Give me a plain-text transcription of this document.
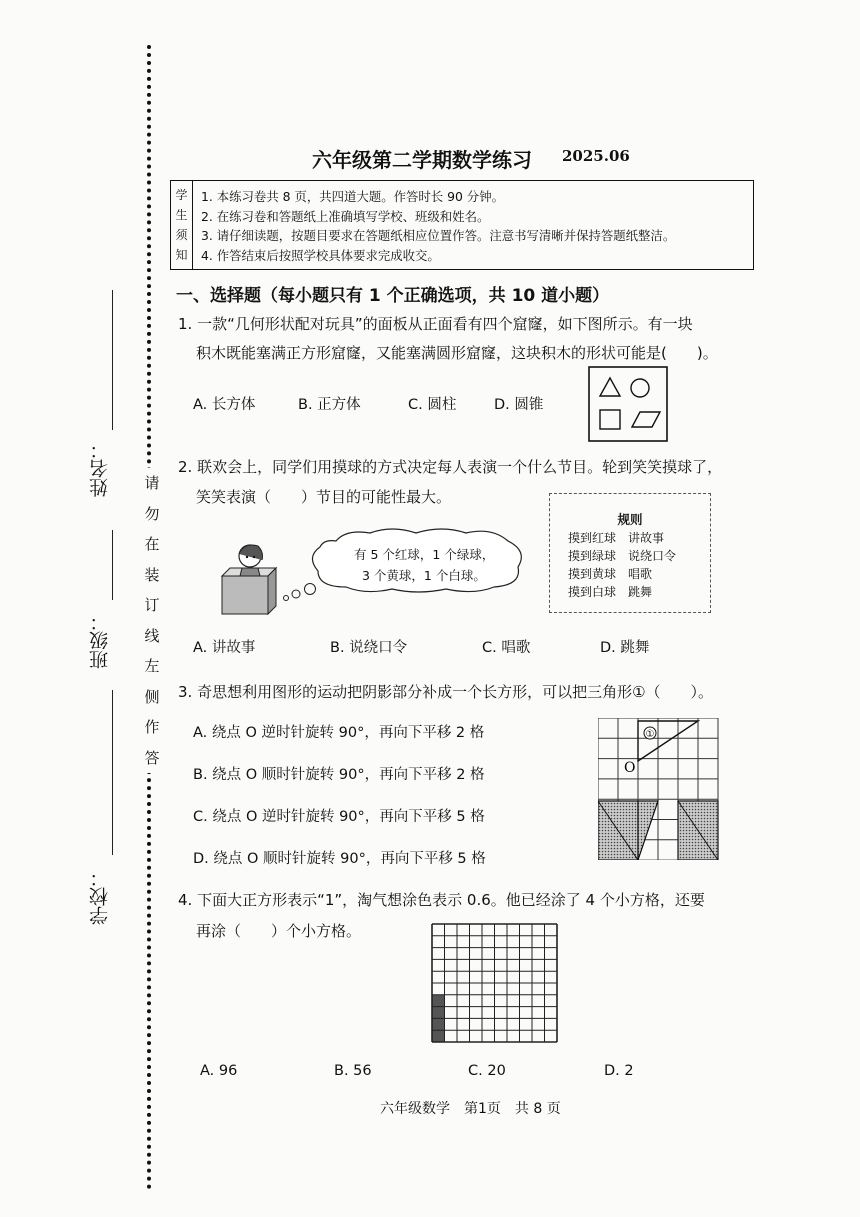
姓名：
班级：
学校：
请
勿
在
装
订
线
左
侧
作
答
六年级第二学期数学练习 2025.06
学
生
须
知
1. 本练习卷共 8 页，共四道大题。作答时长 90 分钟。
2. 在练习卷和答题纸上准确填写学校、班级和姓名。
3. 请仔细读题，按题目要求在答题纸相应位置作答。注意书写清晰并保持答题纸整洁。
4. 作答结束后按照学校具体要求完成收交。
一、选择题（每小题只有 1 个正确选项，共 10 道小题）
1. 一款“几何形状配对玩具”的面板从正面看有四个窟窿，如下图所示。有一块
积木既能塞满正方形窟窿，又能塞满圆形窟窿，这块积木的形状可能是(　　)。
A. 长方体	B. 正方体	C. 圆柱	D. 圆锥
2. 联欢会上，同学们用摸球的方式决定每人表演一个什么节目。轮到笑笑摸球了，
笑笑表演（　　）节目的可能性最大。
有 5 个红球，1 个绿球，
3 个黄球，1 个白球。
规则
摸到红球　讲故事
摸到绿球　说绕口令
摸到黄球　唱歌
摸到白球　跳舞
A. 讲故事	B. 说绕口令	C. 唱歌	D. 跳舞
3. 奇思想利用图形的运动把阴影部分补成一个长方形，可以把三角形①（　　）。
A. 绕点 O 逆时针旋转 90°，再向下平移 2 格
B. 绕点 O 顺时针旋转 90°，再向下平移 2 格
C. 绕点 O 逆时针旋转 90°，再向下平移 5 格
D. 绕点 O 顺时针旋转 90°，再向下平移 5 格
①
O
4. 下面大正方形表示“1”，淘气想涂色表示 0.6。他已经涂了 4 个小方格，还要
再涂（　　）个小方格。
A. 96	B. 56	C. 20	D. 2
六年级数学　第1页　共 8 页
